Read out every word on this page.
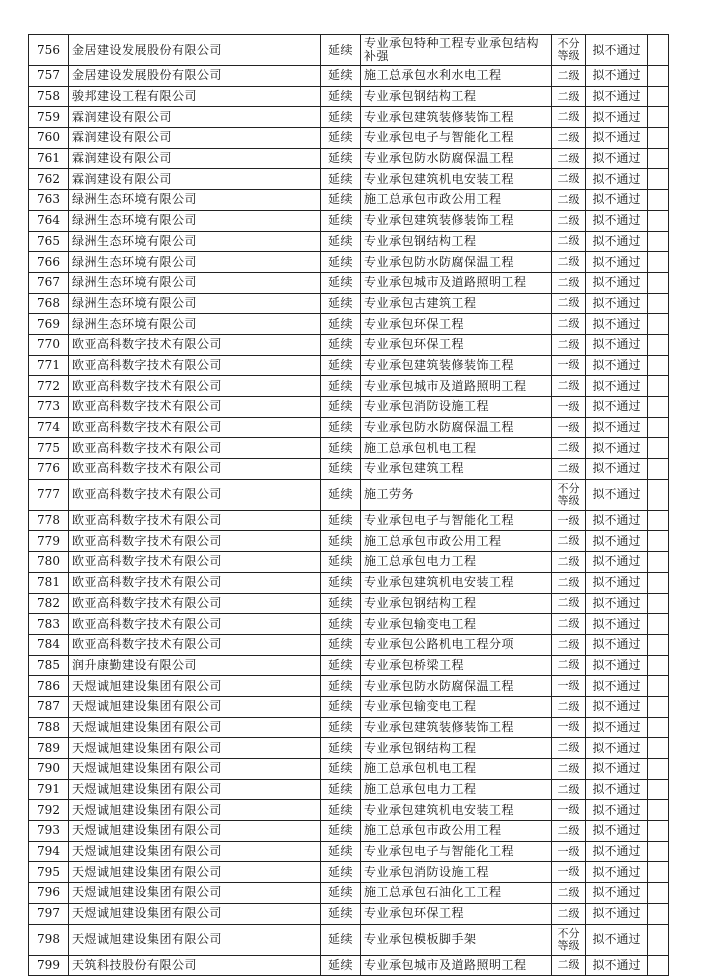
756	金居建设发展股份有限公司	延续	专业承包特种工程专业承包结构补强	不分等级	拟不通过	
757	金居建设发展股份有限公司	延续	施工总承包水利水电工程	二级	拟不通过	
758	骏邦建设工程有限公司	延续	专业承包钢结构工程	二级	拟不通过	
759	霖润建设有限公司	延续	专业承包建筑装修装饰工程	二级	拟不通过	
760	霖润建设有限公司	延续	专业承包电子与智能化工程	二级	拟不通过	
761	霖润建设有限公司	延续	专业承包防水防腐保温工程	二级	拟不通过	
762	霖润建设有限公司	延续	专业承包建筑机电安装工程	二级	拟不通过	
763	绿洲生态环境有限公司	延续	施工总承包市政公用工程	二级	拟不通过	
764	绿洲生态环境有限公司	延续	专业承包建筑装修装饰工程	二级	拟不通过	
765	绿洲生态环境有限公司	延续	专业承包钢结构工程	二级	拟不通过	
766	绿洲生态环境有限公司	延续	专业承包防水防腐保温工程	二级	拟不通过	
767	绿洲生态环境有限公司	延续	专业承包城市及道路照明工程	二级	拟不通过	
768	绿洲生态环境有限公司	延续	专业承包古建筑工程	二级	拟不通过	
769	绿洲生态环境有限公司	延续	专业承包环保工程	二级	拟不通过	
770	欧亚高科数字技术有限公司	延续	专业承包环保工程	二级	拟不通过	
771	欧亚高科数字技术有限公司	延续	专业承包建筑装修装饰工程	一级	拟不通过	
772	欧亚高科数字技术有限公司	延续	专业承包城市及道路照明工程	二级	拟不通过	
773	欧亚高科数字技术有限公司	延续	专业承包消防设施工程	一级	拟不通过	
774	欧亚高科数字技术有限公司	延续	专业承包防水防腐保温工程	一级	拟不通过	
775	欧亚高科数字技术有限公司	延续	施工总承包机电工程	二级	拟不通过	
776	欧亚高科数字技术有限公司	延续	专业承包建筑工程	二级	拟不通过	
777	欧亚高科数字技术有限公司	延续	施工劳务	不分等级	拟不通过	
778	欧亚高科数字技术有限公司	延续	专业承包电子与智能化工程	一级	拟不通过	
779	欧亚高科数字技术有限公司	延续	施工总承包市政公用工程	二级	拟不通过	
780	欧亚高科数字技术有限公司	延续	施工总承包电力工程	二级	拟不通过	
781	欧亚高科数字技术有限公司	延续	专业承包建筑机电安装工程	二级	拟不通过	
782	欧亚高科数字技术有限公司	延续	专业承包钢结构工程	二级	拟不通过	
783	欧亚高科数字技术有限公司	延续	专业承包输变电工程	二级	拟不通过	
784	欧亚高科数字技术有限公司	延续	专业承包公路机电工程分项	二级	拟不通过	
785	润升康勤建设有限公司	延续	专业承包桥梁工程	二级	拟不通过	
786	天煜诚旭建设集团有限公司	延续	专业承包防水防腐保温工程	一级	拟不通过	
787	天煜诚旭建设集团有限公司	延续	专业承包输变电工程	二级	拟不通过	
788	天煜诚旭建设集团有限公司	延续	专业承包建筑装修装饰工程	一级	拟不通过	
789	天煜诚旭建设集团有限公司	延续	专业承包钢结构工程	二级	拟不通过	
790	天煜诚旭建设集团有限公司	延续	施工总承包机电工程	二级	拟不通过	
791	天煜诚旭建设集团有限公司	延续	施工总承包电力工程	二级	拟不通过	
792	天煜诚旭建设集团有限公司	延续	专业承包建筑机电安装工程	一级	拟不通过	
793	天煜诚旭建设集团有限公司	延续	施工总承包市政公用工程	二级	拟不通过	
794	天煜诚旭建设集团有限公司	延续	专业承包电子与智能化工程	一级	拟不通过	
795	天煜诚旭建设集团有限公司	延续	专业承包消防设施工程	一级	拟不通过	
796	天煜诚旭建设集团有限公司	延续	施工总承包石油化工工程	二级	拟不通过	
797	天煜诚旭建设集团有限公司	延续	专业承包环保工程	二级	拟不通过	
798	天煜诚旭建设集团有限公司	延续	专业承包模板脚手架	不分等级	拟不通过	
799	天筑科技股份有限公司	延续	专业承包城市及道路照明工程	二级	拟不通过	
